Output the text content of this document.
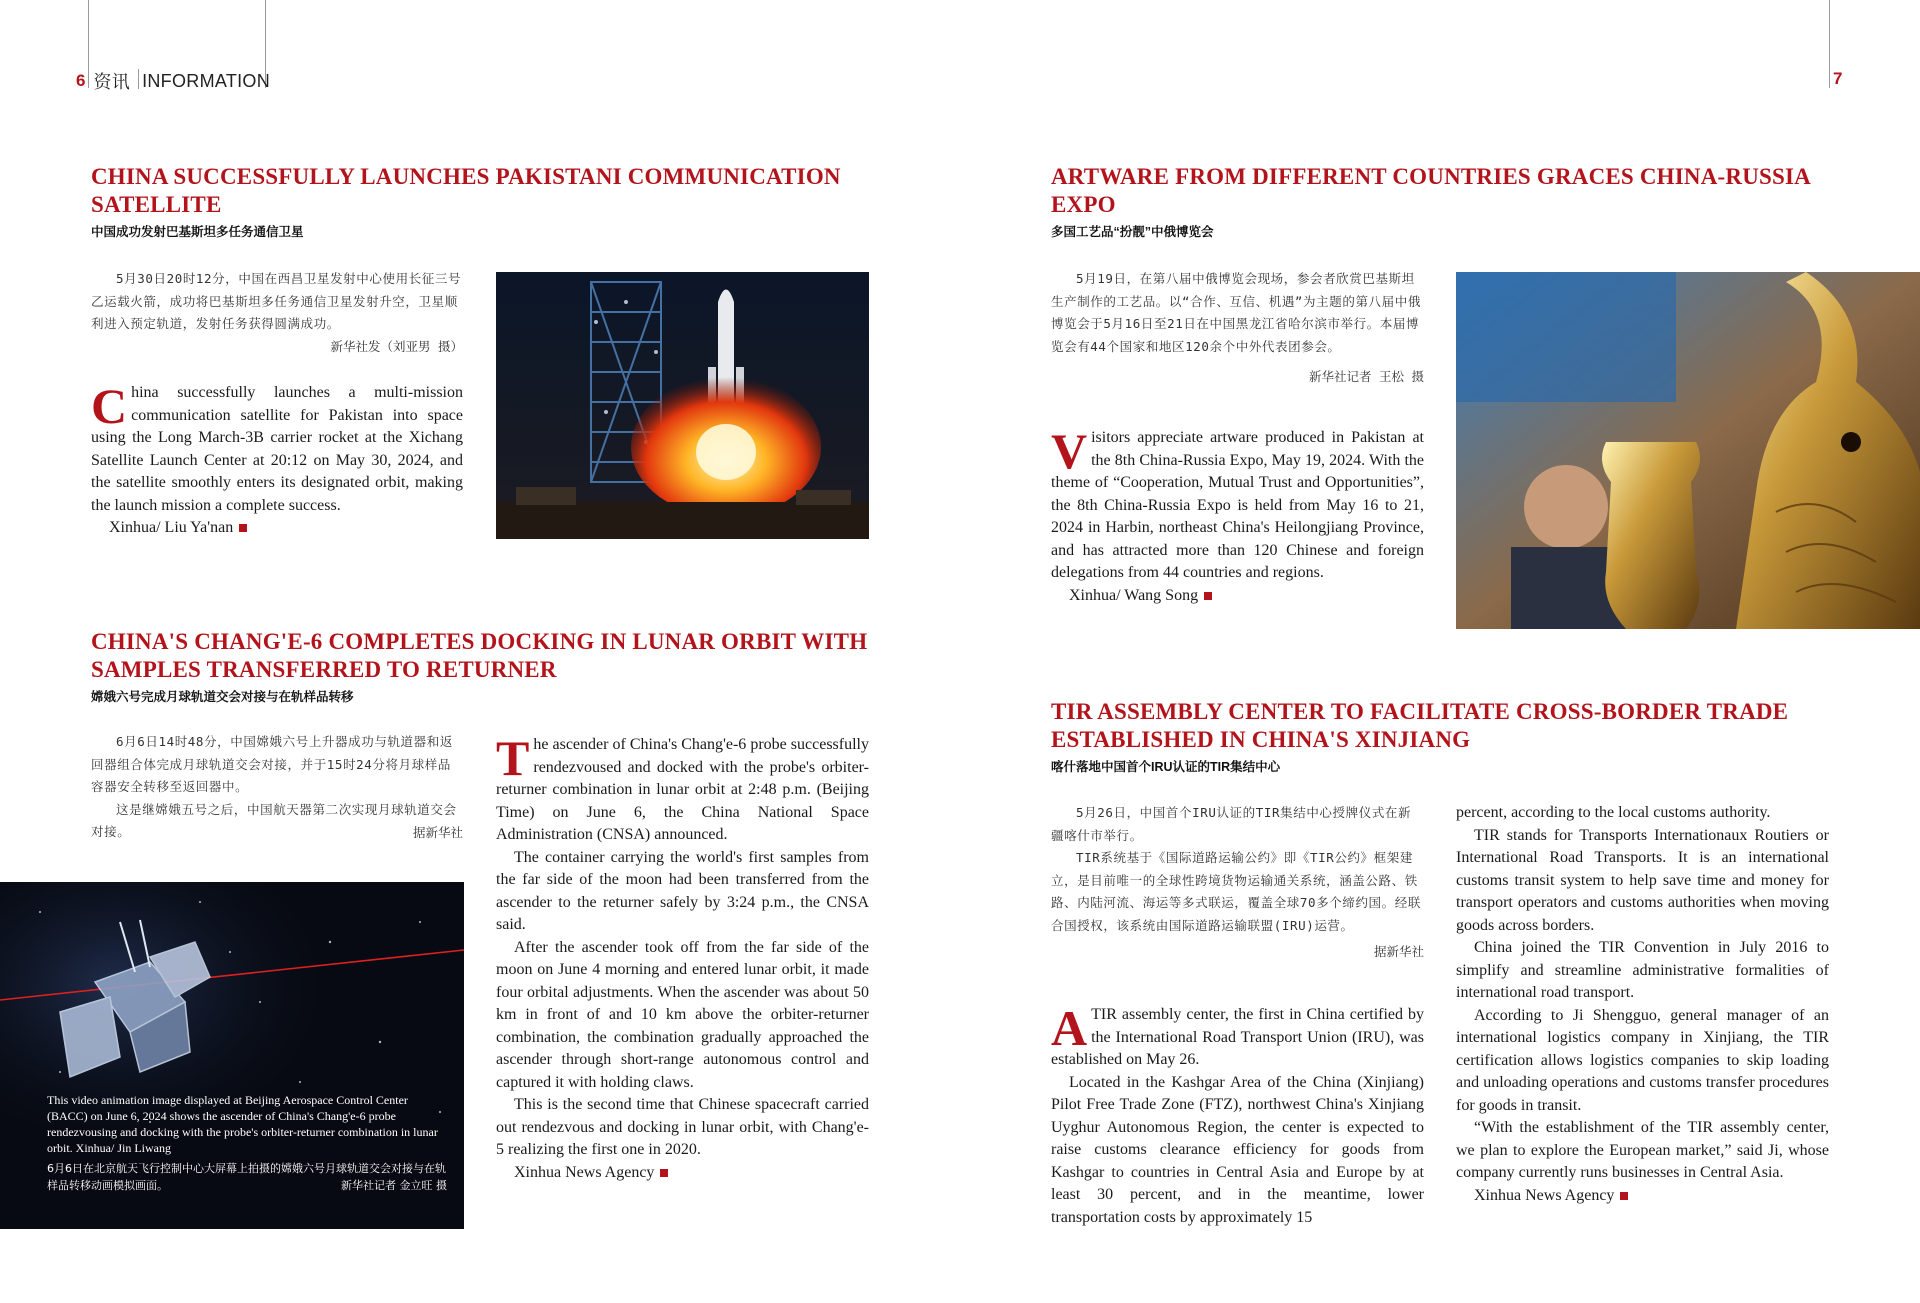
6 资讯 INFORMATION	7
CHINA SUCCESSFULLY LAUNCHES PAKISTANI COMMUNICATION SATELLITE
中国成功发射巴基斯坦多任务通信卫星

5月30日20时12分，中国在西昌卫星发射中心使用长征三号乙运载火箭，成功将巴基斯坦多任务通信卫星发射升空，卫星顺利进入预定轨道，发射任务获得圆满成功。

新华社发（刘亚男 摄）

China successfully launches a multi-mission communication satellite for Pakistan into space using the Long March-3B carrier rocket at the Xichang Satellite Launch Center at 20:12 on May 30, 2024, and the satellite smoothly enters its designated orbit, making the launch mission a complete success.

Xinhua/ Liu Ya'nan

CHINA'S CHANG'E-6 COMPLETES DOCKING IN LUNAR ORBIT WITH SAMPLES TRANSFERRED TO RETURNER
嫦娥六号完成月球轨道交会对接与在轨样品转移

6月6日14时48分，中国嫦娥六号上升器成功与轨道器和返回器组合体完成月球轨道交会对接，并于15时24分将月球样品容器安全转移至返回器中。

这是继嫦娥五号之后，中国航天器第二次实现月球轨道交会对接。	据新华社
This video animation image displayed at Beijing Aerospace Control Center (BACC) on June 6, 2024 shows the ascender of China's Chang'e-6 probe rendezvousing and docking with the probe's orbiter-returner combination in lunar orbit. Xinhua/ Jin Liwang
6月6日在北京航天飞行控制中心大屏幕上拍摄的嫦娥六号月球轨道交会对接与在轨样品转移动画模拟画面。	新华社记者 金立旺 摄

The ascender of China's Chang'e-6 probe successfully rendezvoused and docked with the probe's orbiter-returner combination in lunar orbit at 2:48 p.m. (Beijing Time) on June 6, the China National Space Administration (CNSA) announced.

The container carrying the world's first samples from the far side of the moon had been transferred from the ascender to the returner safely by 3:24 p.m., the CNSA said.

After the ascender took off from the far side of the moon on June 4 morning and entered lunar orbit, it made four orbital adjustments. When the ascender was about 50 km in front of and 10 km above the orbiter-returner combination, the combination gradually approached the ascender through short-range autonomous control and captured it with holding claws.

This is the second time that Chinese spacecraft carried out rendezvous and docking in lunar orbit, with Chang'e-5 realizing the first one in 2020.

Xinhua News Agency

ARTWARE FROM DIFFERENT COUNTRIES GRACES CHINA-RUSSIA EXPO
多国工艺品“扮靓”中俄博览会

5月19日，在第八届中俄博览会现场，参会者欣赏巴基斯坦生产制作的工艺品。以“合作、互信、机遇”为主题的第八届中俄博览会于5月16日至21日在中国黑龙江省哈尔滨市举行。本届博览会有44个国家和地区120余个中外代表团参会。

新华社记者 王松 摄

Visitors appreciate artware produced in Pakistan at the 8th China-Russia Expo, May 19, 2024. With the theme of “Cooperation, Mutual Trust and Opportunities”, the 8th China-Russia Expo is held from May 16 to 21, 2024 in Harbin, northeast China's Heilongjiang Province, and has attracted more than 120 Chinese and foreign delegations from 44 countries and regions.

Xinhua/ Wang Song

TIR ASSEMBLY CENTER TO FACILITATE CROSS-BORDER TRADE ESTABLISHED IN CHINA'S XINJIANG
喀什落地中国首个IRU认证的TIR集结中心

5月26日，中国首个IRU认证的TIR集结中心授牌仪式在新疆喀什市举行。

TIR系统基于《国际道路运输公约》即《TIR公约》框架建立，是目前唯一的全球性跨境货物运输通关系统，涵盖公路、铁路、内陆河流、海运等多式联运，覆盖全球70多个缔约国。经联合国授权，该系统由国际道路运输联盟(IRU)运营。

据新华社

A TIR assembly center, the first in China certified by the International Road Transport Union (IRU), was established on May 26.

Located in the Kashgar Area of the China (Xinjiang) Pilot Free Trade Zone (FTZ), northwest China's Xinjiang Uyghur Autonomous Region, the center is expected to raise customs clearance efficiency for goods from Kashgar to countries in Central Asia and Europe by at least 30 percent, and in the meantime, lower transportation costs by approximately 15

percent, according to the local customs authority.

TIR stands for Transports Internationaux Routiers or International Road Transports. It is an international customs transit system to help save time and money for transport operators and customs authorities when moving goods across borders.

China joined the TIR Convention in July 2016 to simplify and streamline administrative formalities of international road transport.

According to Ji Shengguo, general manager of an international logistics company in Xinjiang, the TIR certification allows logistics companies to skip loading and unloading operations and customs transfer procedures for goods in transit.

“With the establishment of the TIR assembly center, we plan to explore the European market,” said Ji, whose company currently runs businesses in Central Asia.

Xinhua News Agency
